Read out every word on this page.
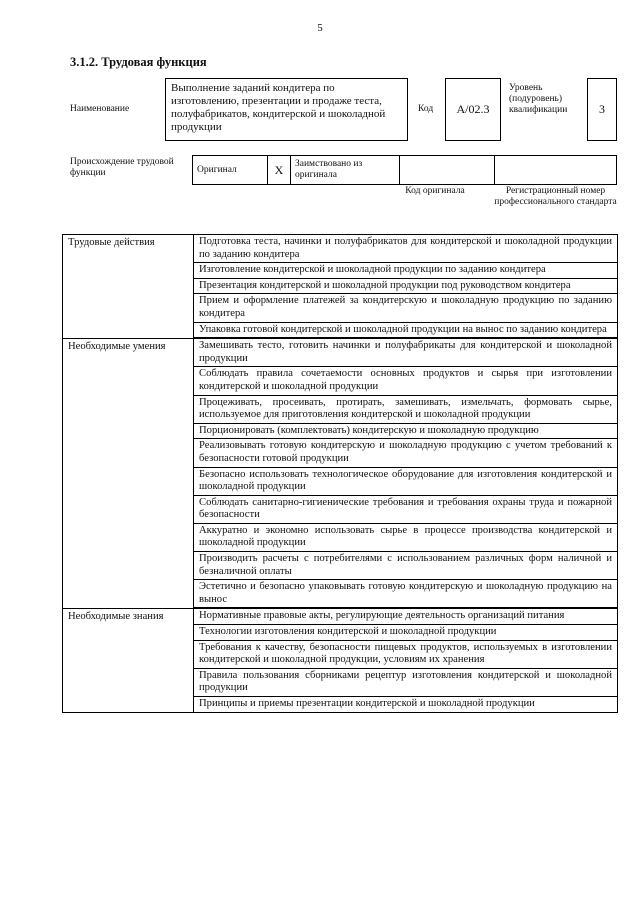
5
3.1.2. Трудовая функция
Наименование
Выполнение заданий кондитера по изготовлению, презентации и продаже теста, полуфабрикатов, кондитерской и шоколадной продукции
Код	А/02.3
Уровень (подуровень) квалификации	3
Происхождение трудовой функции	Оригинал	X	Заимствовано из оригинала		
Код оригинала	Регистрационный номер профессионального стандарта
Трудовые действия	Подготовка теста, начинки и полуфабрикатов для кондитерской и шоколадной продукции по заданию кондитера
	Изготовление кондитерской и шоколадной продукции по заданию кондитера
	Презентация кондитерской и шоколадной продукции под руководством кондитера
	Прием и оформление платежей за кондитерскую и шоколадную продукцию по заданию кондитера
	Упаковка готовой кондитерской и шоколадной продукции на вынос по заданию кондитера
Необходимые умения	Замешивать тесто, готовить начинки и полуфабрикаты для кондитерской и шоколадной продукции
	Соблюдать правила сочетаемости основных продуктов и сырья при изготовлении кондитерской и шоколадной продукции
	Процеживать, просеивать, протирать, замешивать, измельчать, формовать сырье, используемое для приготовления кондитерской и шоколадной продукции
	Порционировать (комплектовать) кондитерскую и шоколадную продукцию
	Реализовывать готовую кондитерскую и шоколадную продукцию с учетом требований к безопасности готовой продукции
	Безопасно использовать технологическое оборудование для изготовления кондитерской и шоколадной продукции
	Соблюдать санитарно-гигиенические требования и требования охраны труда и пожарной безопасности
	Аккуратно и экономно использовать сырье в процессе производства кондитерской и шоколадной продукции
	Производить расчеты с потребителями с использованием различных форм наличной и безналичной оплаты
	Эстетично и безопасно упаковывать готовую кондитерскую и шоколадную продукцию на вынос
Необходимые знания	Нормативные правовые акты, регулирующие деятельность организаций питания
	Технологии изготовления кондитерской и шоколадной продукции
	Требования к качеству, безопасности пищевых продуктов, используемых в изготовлении кондитерской и шоколадной продукции, условиям их хранения
	Правила пользования сборниками рецептур изготовления кондитерской и шоколадной продукции
	Принципы и приемы презентации кондитерской и шоколадной продукции
